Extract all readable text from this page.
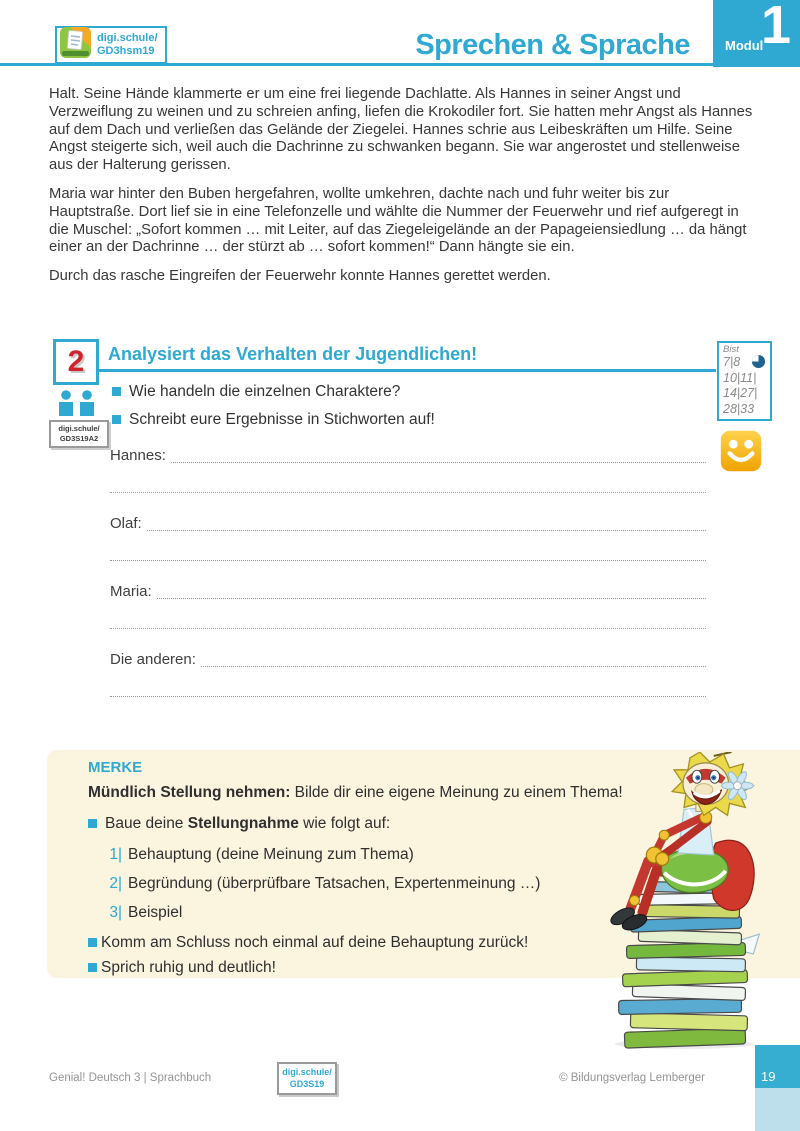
digi.schule/
GD3hsm19	Sprechen & Sprache	Modul
1

Halt. Seine Hände klammerte er um eine frei liegende Dachlatte. Als Hannes in seiner Angst und Verzweiflung zu weinen und zu schreien anfing, liefen die Krokodiler fort. Sie hatten mehr Angst als Hannes auf dem Dach und verließen das Gelände der Ziegelei. Hannes schrie aus Leibeskräften um Hilfe. Seine Angst steigerte sich, weil auch die Dachrinne zu schwanken begann. Sie war angerostet und stellenweise aus der Halterung gerissen.

Maria war hinter den Buben hergefahren, wollte umkehren, dachte nach und fuhr weiter bis zur Hauptstraße. Dort lief sie in eine Telefonzelle und wählte die Nummer der Feuerwehr und rief aufgeregt in die Muschel: „Sofort kommen … mit Leiter, auf das Ziegeleigelände an der Papageiensiedlung … da hängt einer an der Dachrinne … der stürzt ab … sofort kommen!“ Dann hängte sie ein.

Durch das rasche Eingreifen der Feuerwehr konnte Hannes gerettet werden.

2
digi.schule/
GD3S19A2
Analysiert das Verhalten der Jugendlichen!
Wie handeln die einzelnen Charaktere?
Schreibt eure Ergebnisse in Stichworten auf!
Hannes:
Olaf:
Maria:
Die anderen:
Bist
7|8
10|11|
14|27|
28|33
MERKE
Mündlich Stellung nehmen: Bilde dir eine eigene Meinung zu einem Thema!
Baue deine Stellungnahme wie folgt auf:
1| Behauptung (deine Meinung zum Thema)
2| Begründung (überprüfbare Tatsachen, Expertenmeinung …)
3| Beispiel
Komm am Schluss noch einmal auf deine Behauptung zurück!
Sprich ruhig und deutlich!
Genial! Deutsch 3 | Sprachbuch	digi.schule/
GD3S19	© Bildungsverlag Lemberger	19
